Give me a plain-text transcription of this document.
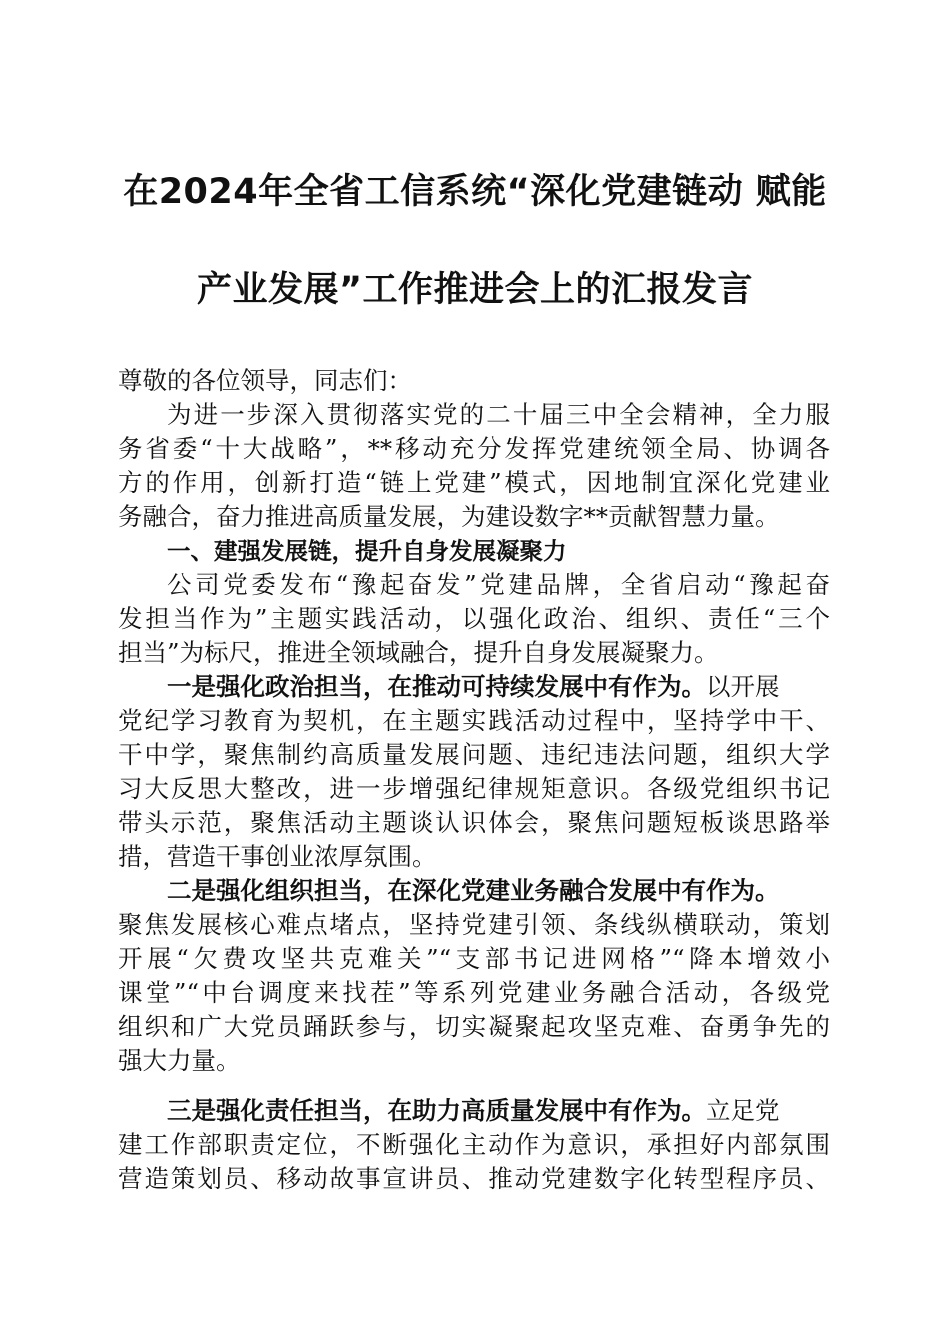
在2024年全省工信系统“深化党建链动 赋能
产业发展”工作推进会上的汇报发言
尊敬的各位领导，同志们：
为进一步深入贯彻落实党的二十届三中全会精神，全力服
务省委“十大战略”，**移动充分发挥党建统领全局、协调各
方的作用，创新打造“链上党建”模式，因地制宜深化党建业
务融合，奋力推进高质量发展，为建设数字**贡献智慧力量。
一、建强发展链，提升自身发展凝聚力
公司党委发布“豫起奋发”党建品牌，全省启动“豫起奋
发担当作为”主题实践活动，以强化政治、组织、责任“三个
担当”为标尺，推进全领域融合，提升自身发展凝聚力。
一是强化政治担当，在推动可持续发展中有作为。以开展
党纪学习教育为契机，在主题实践活动过程中，坚持学中干、
干中学，聚焦制约高质量发展问题、违纪违法问题，组织大学
习大反思大整改，进一步增强纪律规矩意识。各级党组织书记
带头示范，聚焦活动主题谈认识体会，聚焦问题短板谈思路举
措，营造干事创业浓厚氛围。
二是强化组织担当，在深化党建业务融合发展中有作为。
聚焦发展核心难点堵点，坚持党建引领、条线纵横联动，策划
开展“欠费攻坚共克难关”“支部书记进网格”“降本增效小
课堂”“中台调度来找茬”等系列党建业务融合活动，各级党
组织和广大党员踊跃参与，切实凝聚起攻坚克难、奋勇争先的
强大力量。
三是强化责任担当，在助力高质量发展中有作为。立足党
建工作部职责定位，不断强化主动作为意识，承担好内部氛围
营造策划员、移动故事宣讲员、推动党建数字化转型程序员、
